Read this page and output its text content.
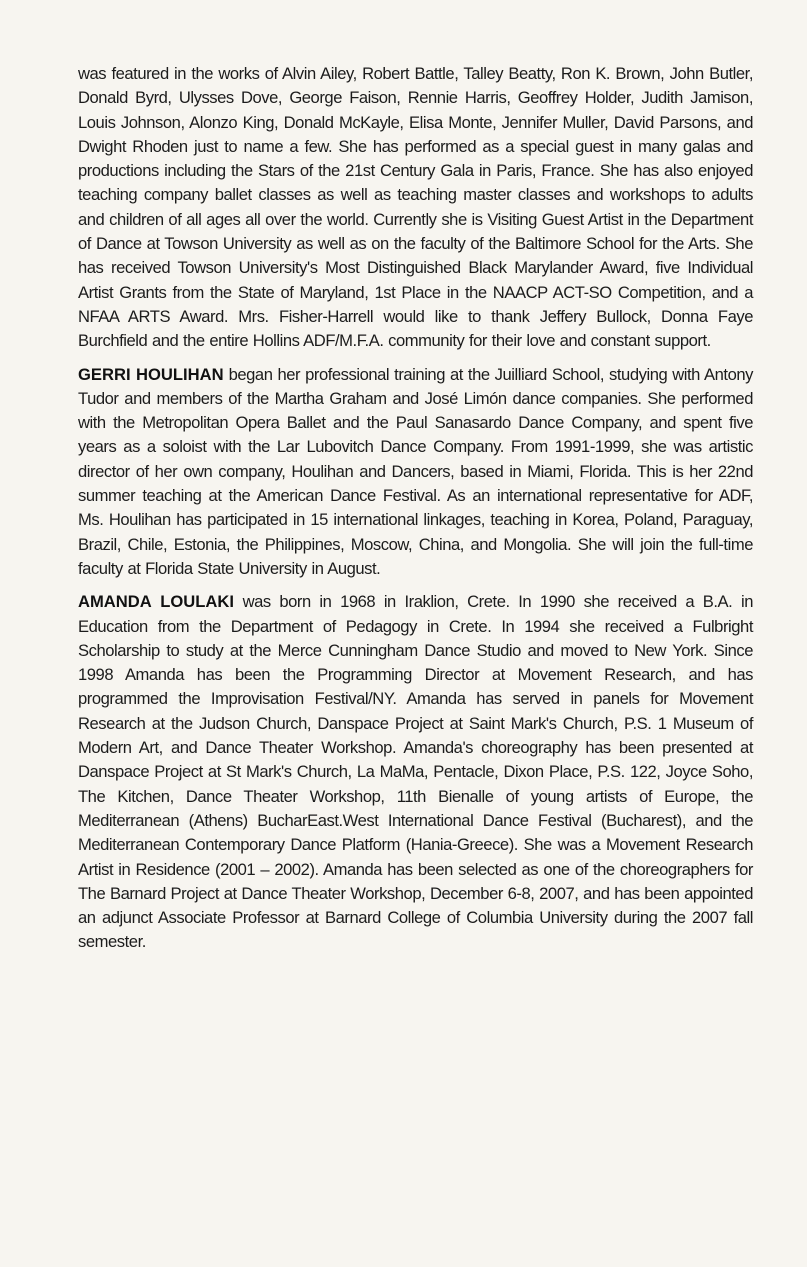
was featured in the works of Alvin Ailey, Robert Battle, Talley Beatty, Ron K. Brown, John Butler, Donald Byrd, Ulysses Dove, George Faison, Rennie Harris, Geoffrey Holder, Judith Jamison, Louis Johnson, Alonzo King, Donald McKayle, Elisa Monte, Jennifer Muller, David Parsons, and Dwight Rhoden just to name a few. She has performed as a special guest in many galas and productions including the Stars of the 21st Century Gala in Paris, France. She has also enjoyed teaching company ballet classes as well as teaching master classes and workshops to adults and children of all ages all over the world. Currently she is Visiting Guest Artist in the Department of Dance at Towson University as well as on the faculty of the Baltimore School for the Arts. She has received Towson University's Most Distinguished Black Marylander Award, five Individual Artist Grants from the State of Maryland, 1st Place in the NAACP ACT-SO Competition, and a NFAA ARTS Award. Mrs. Fisher-Harrell would like to thank Jeffery Bullock, Donna Faye Burchfield and the entire Hollins ADF/M.F.A. community for their love and constant support.

GERRI HOULIHAN began her professional training at the Juilliard School, studying with Antony Tudor and members of the Martha Graham and José Limón dance companies. She performed with the Metropolitan Opera Ballet and the Paul Sanasardo Dance Company, and spent five years as a soloist with the Lar Lubovitch Dance Company. From 1991-1999, she was artistic director of her own company, Houlihan and Dancers, based in Miami, Florida. This is her 22nd summer teaching at the American Dance Festival. As an international representative for ADF, Ms. Houlihan has participated in 15 international linkages, teaching in Korea, Poland, Paraguay, Brazil, Chile, Estonia, the Philippines, Moscow, China, and Mongolia. She will join the full-time faculty at Florida State University in August.

AMANDA LOULAKI was born in 1968 in Iraklion, Crete. In 1990 she received a B.A. in Education from the Department of Pedagogy in Crete. In 1994 she received a Fulbright Scholarship to study at the Merce Cunningham Dance Studio and moved to New York. Since 1998 Amanda has been the Programming Director at Movement Research, and has programmed the Improvisation Festival/NY. Amanda has served in panels for Movement Research at the Judson Church, Danspace Project at Saint Mark's Church, P.S. 1 Museum of Modern Art, and Dance Theater Workshop. Amanda's choreography has been presented at Danspace Project at St Mark's Church, La MaMa, Pentacle, Dixon Place, P.S. 122, Joyce Soho, The Kitchen, Dance Theater Workshop, 11th Bienalle of young artists of Europe, the Mediterranean (Athens) BucharEast.West International Dance Festival (Bucharest), and the Mediterranean Contemporary Dance Platform (Hania-Greece). She was a Movement Research Artist in Residence (2001 – 2002). Amanda has been selected as one of the choreographers for The Barnard Project at Dance Theater Workshop, December 6-8, 2007, and has been appointed an adjunct Associate Professor at Barnard College of Columbia University during the 2007 fall semester.
